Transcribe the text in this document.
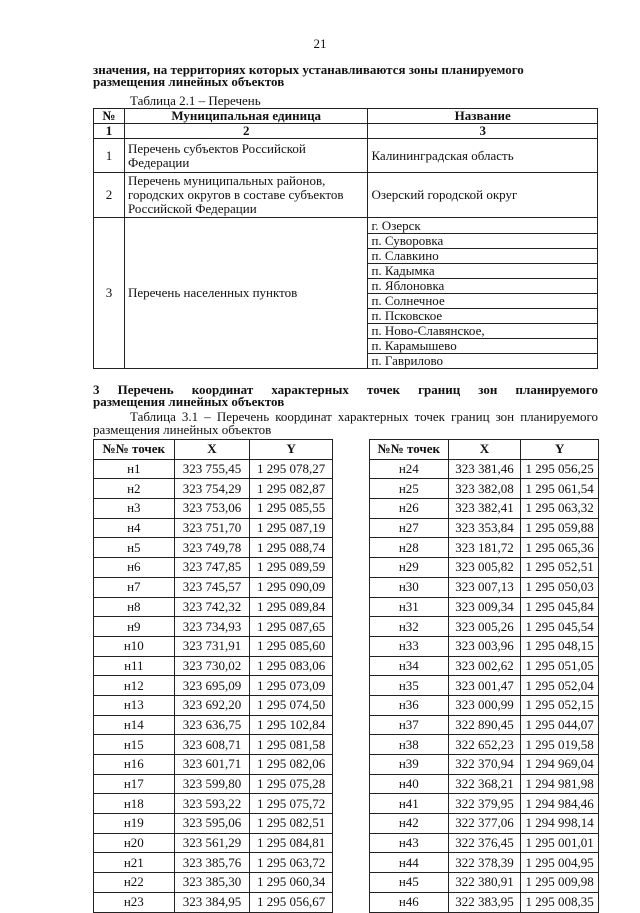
21
значения, на территориях которых устанавливаются зоны планируемого размещения линейных объектов
Таблица 2.1 – Перечень
№	Муниципальная единица	Название
1	2	3
1	Перечень субъектов Российской Федерации	Калининградская область
2	Перечень муниципальных районов, городских округов в составе субъектов Российской Федерации	Озерский городской округ
3	Перечень населенных пунктов	г. Озерск
		п. Суворовка
		п. Славкино
		п. Кадымка
		п. Яблоновка
		п. Солнечное
		п. Псковское
		п. Ново-Славянское,
		п. Карамышево
		п. Гаврилово
3 Перечень координат характерных точек границ зон планируемого
размещения линейных объектов
Таблица 3.1 – Перечень координат характерных точек границ зон планируемого
размещения линейных объектов
№№ точек	X	Y
н1	323 755,45	1 295 078,27
н2	323 754,29	1 295 082,87
н3	323 753,06	1 295 085,55
н4	323 751,70	1 295 087,19
н5	323 749,78	1 295 088,74
н6	323 747,85	1 295 089,59
н7	323 745,57	1 295 090,09
н8	323 742,32	1 295 089,84
н9	323 734,93	1 295 087,65
н10	323 731,91	1 295 085,60
н11	323 730,02	1 295 083,06
н12	323 695,09	1 295 073,09
н13	323 692,20	1 295 074,50
н14	323 636,75	1 295 102,84
н15	323 608,71	1 295 081,58
н16	323 601,71	1 295 082,06
н17	323 599,80	1 295 075,28
н18	323 593,22	1 295 075,72
н19	323 595,06	1 295 082,51
н20	323 561,29	1 295 084,81
н21	323 385,76	1 295 063,72
н22	323 385,30	1 295 060,34
н23	323 384,95	1 295 056,67
№№ точек	X	Y
н24	323 381,46	1 295 056,25
н25	323 382,08	1 295 061,54
н26	323 382,41	1 295 063,32
н27	323 353,84	1 295 059,88
н28	323 181,72	1 295 065,36
н29	323 005,82	1 295 052,51
н30	323 007,13	1 295 050,03
н31	323 009,34	1 295 045,84
н32	323 005,26	1 295 045,54
н33	323 003,96	1 295 048,15
н34	323 002,62	1 295 051,05
н35	323 001,47	1 295 052,04
н36	323 000,99	1 295 052,15
н37	322 890,45	1 295 044,07
н38	322 652,23	1 295 019,58
н39	322 370,94	1 294 969,04
н40	322 368,21	1 294 981,98
н41	322 379,95	1 294 984,46
н42	322 377,06	1 294 998,14
н43	322 376,45	1 295 001,01
н44	322 378,39	1 295 004,95
н45	322 380,91	1 295 009,98
н46	322 383,95	1 295 008,35
